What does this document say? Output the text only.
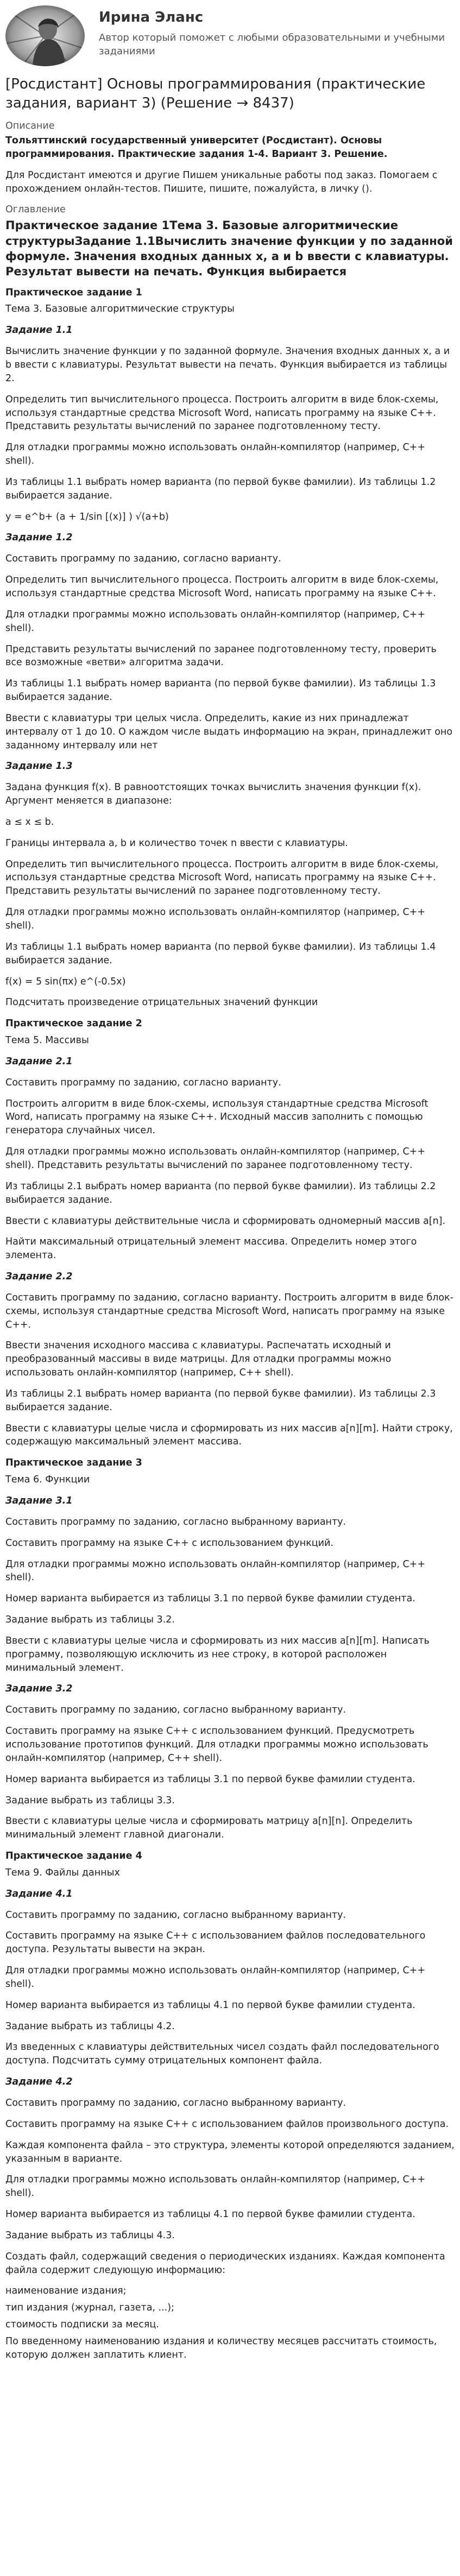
Ирина Эланс
Автор который поможет с любыми образовательными и учебными заданиями
[Росдистант] Основы программирования (практические задания, вариант 3) (Решение → 8437)
Описание

Тольяттинский государственный университет (Росдистант). Основы программирования. Практические задания 1-4. Вариант 3. Решение.

Для Росдистант имеются и другие Пишем уникальные работы под заказ. Помогаем с прохождением онлайн-тестов. Пишите, пишите, пожалуйста, в личку ().

Оглавление
Практическое задание 1Тема 3. Базовые алгоритмические структурыЗадание 1.1Вычислить значение функции у по заданной формуле. Значения входных данных х, а и b ввести с клавиатуры. Результат вывести на печать. Функция выбирается

Практическое задание 1

Тема 3. Базовые алгоритмические структуры

Задание 1.1

Вычислить значение функции у по заданной формуле. Значения входных данных х, а и b ввести с клавиатуры. Результат вывести на печать. Функция выбирается из таблицы 2.

Определить тип вычислительного процесса. Построить алгоритм в виде блок-схемы, используя стандартные средства Microsoft Word, написать программу на языке С++. Представить результаты вычислений по заранее подготовленному тесту.

Для отладки программы можно использовать онлайн-компилятор (например, C++ shell).

Из таблицы 1.1 выбрать номер варианта (по первой букве фамилии). Из таблицы 1.2 выбирается задание.

у = e^b+ (a + 1/sin [(x)] ) √(a+b)

Задание 1.2

Составить программу по заданию, согласно варианту.

Определить тип вычислительного процесса. Построить алгоритм в виде блок-схемы, используя стандартные средства Microsoft Word, написать программу на языке С++.

Для отладки программы можно использовать онлайн-компилятор (например, C++ shell).

Представить результаты вычислений по заранее подготовленному тесту, проверить все возможные «ветви» алгоритма задачи.

Из таблицы 1.1 выбрать номер варианта (по первой букве фамилии). Из таблицы 1.3 выбирается задание.

Ввести с клавиатуры три целых числа. Определить, какие из них принадлежат интервалу от 1 до 10. О каждом числе выдать информацию на экран, принадлежит оно заданному интервалу или нет

Задание 1.3

Задана функция f(х). В равноотстоящих точках вычислить значения функции f(х). Аргумент меняется в диапазоне:

a ≤ x ≤ b.

Границы интервала а, b и количество точек n ввести с клавиатуры.

Определить тип вычислительного процесса. Построить алгоритм в виде блок-схемы, используя стандартные средства Microsoft Word, написать программу на языке С++. Представить результаты вычислений по заранее подготовленному тесту.

Для отладки программы можно использовать онлайн-компилятор (например, C++ shell).

Из таблицы 1.1 выбрать номер варианта (по первой букве фамилии). Из таблицы 1.4 выбирается задание.

f(x) = 5 sin(πx) e^(-0.5x)

Подсчитать произведение отрицательных значений функции

Практическое задание 2

Тема 5. Массивы

Задание 2.1

Составить программу по заданию, согласно варианту.

Построить алгоритм в виде блок-схемы, используя стандартные средства Microsoft Word, написать программу на языке С++. Исходный массив заполнить с помощью генератора случайных чисел.

Для отладки программы можно использовать онлайн-компилятор (например, C++ shell). Представить результаты вычислений по заранее подготовленному тесту.

Из таблицы 2.1 выбрать номер варианта (по первой букве фамилии). Из таблицы 2.2 выбирается задание.

Ввести с клавиатуры действительные числа и сформировать одномерный массив a[n].

Найти максимальный отрицательный элемент массива. Определить номер этого элемента.

Задание 2.2

Составить программу по заданию, согласно варианту. Построить алгоритм в виде блок-схемы, используя стандартные средства Microsoft Word, написать программу на языке С++.

Ввести значения исходного массива с клавиатуры. Распечатать исходный и преобразованный массивы в виде матрицы. Для отладки программы можно использовать онлайн-компилятор (например, C++ shell).

Из таблицы 2.1 выбрать номер варианта (по первой букве фамилии). Из таблицы 2.3 выбирается задание.

Ввести с клавиатуры целые числа и сформировать из них массив a[n][m]. Найти строку, содержащую максимальный элемент массива.

Практическое задание 3

Тема 6. Функции

Задание 3.1

Составить программу по заданию, согласно выбранному варианту.

Составить программу на языке С++ с использованием функций.

Для отладки программы можно использовать онлайн-компилятор (например, C++ shell).

Номер варианта выбирается из таблицы 3.1 по первой букве фамилии студента.

Задание выбрать из таблицы 3.2.

Ввести с клавиатуры целые числа и сформировать из них массив a[n][m]. Написать программу, позволяющую исключить из нее строку, в которой расположен минимальный элемент.

Задание 3.2

Составить программу по заданию, согласно выбранному варианту.

Составить программу на языке С++ с использованием функций. Предусмотреть использование прототипов функций. Для отладки программы можно использовать онлайн-компилятор (например, C++ shell).

Номер варианта выбирается из таблицы 3.1 по первой букве фамилии студента.

Задание выбрать из таблицы 3.3.

Ввести с клавиатуры целые числа и сформировать матрицу a[n][n]. Определить минимальный элемент главной диагонали.

Практическое задание 4

Тема 9. Файлы данных

Задание 4.1

Составить программу по заданию, согласно выбранному варианту.

Составить программу на языке С++ с использованием файлов последовательного доступа. Результаты вывести на экран.

Для отладки программы можно использовать онлайн-компилятор (например, C++ shell).

Номер варианта выбирается из таблицы 4.1 по первой букве фамилии студента.

Задание выбрать из таблицы 4.2.

Из введенных с клавиатуры действительных чисел создать файл последовательного доступа. Подсчитать сумму отрицательных компонент файла.

Задание 4.2

Составить программу по заданию, согласно выбранному варианту.

Составить программу на языке С++ с использованием файлов произвольного доступа.

Каждая компонента файла – это структура, элементы которой определяются заданием, указанным в варианте.

Для отладки программы можно использовать онлайн-компилятор (например, C++ shell).

Номер варианта выбирается из таблицы 4.1 по первой букве фамилии студента.

Задание выбрать из таблицы 4.3.

Создать файл, содержащий сведения о периодических изданиях. Каждая компонента файла содержит следующую информацию:

наименование издания;

тип издания (журнал, газета, ...);

стоимость подписки за месяц.

По введенному наименованию издания и количеству месяцев рассчитать стоимость, которую должен заплатить клиент.
